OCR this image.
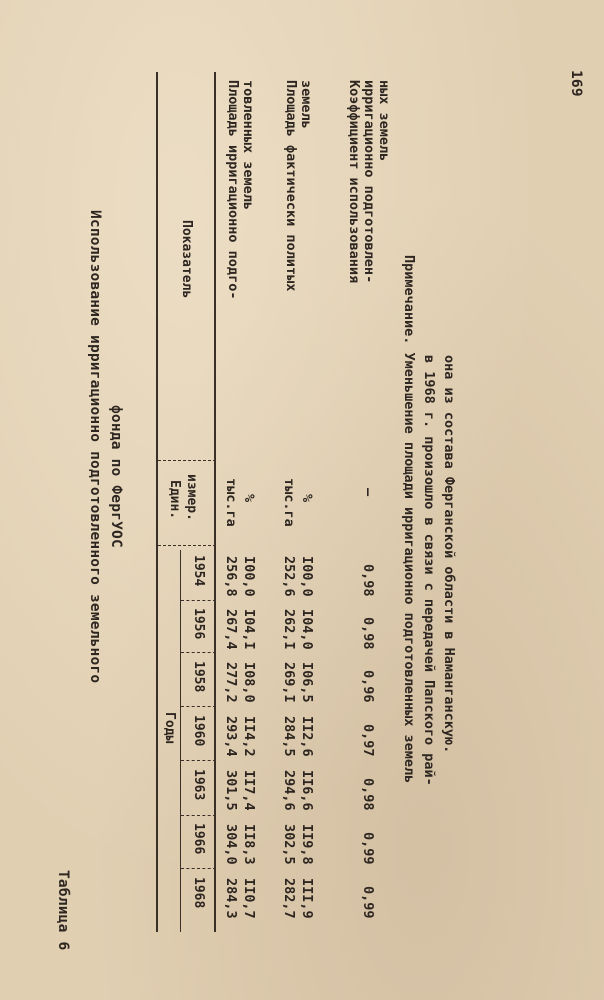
Таблица 6
Использование ирригационно подготовленного земельного фонда по ФергУОС
Показатель
Един. измер.
Годы
1954
1956
1958
1960
1963
1966
1968
Площадь ирригационно подго- товленных земель
тыс.га %
256,8
267,4
277,2
293,4
301,5
304,0
284,3
I00,0
I04,I
I08,0
II4,2
II7,4
II8,3
II0,7
Площадь фактически политых земель
тыс.га %
252,6
262,I
269,I
284,5
294,6
302,5
282,7
I00,0
I04,0
I06,5
II2,6
II6,6
II9,8
III,9
Коэффициент использования ирригационно подготовлен- ных земель
–
0,98
0,98
0,96
0,97
0,98
0,99
0,99
Примечание. Уменьшение площади ирригационно подготовленных земель в 1968 г. произошло в связи с передачей Папского рай- она из состава Ферганской области в Наманганскую.
169
